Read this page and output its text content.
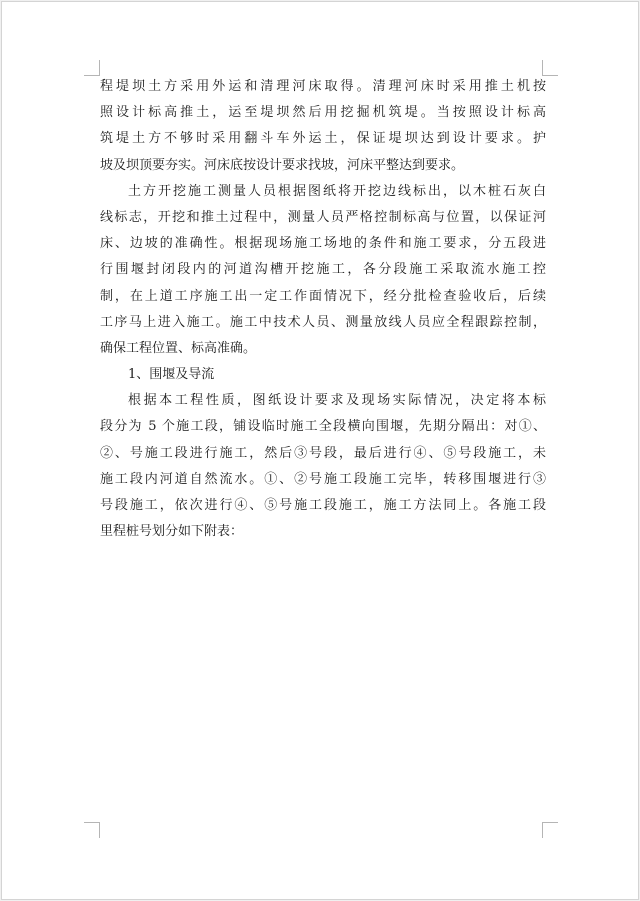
程堤坝土方采用外运和清理河床取得。清理河床时采用推土机按
照设计标高推土，运至堤坝然后用挖掘机筑堤。当按照设计标高
筑堤土方不够时采用翻斗车外运土，保证堤坝达到设计要求。护
坡及坝顶要夯实。河床底按设计要求找坡，河床平整达到要求。
土方开挖施工测量人员根据图纸将开挖边线标出，以木桩石灰白
线标志，开挖和推土过程中，测量人员严格控制标高与位置，以保证河
床、边坡的准确性。根据现场施工场地的条件和施工要求，分五段进
行围堰封闭段内的河道沟槽开挖施工，各分段施工采取流水施工控
制，在上道工序施工出一定工作面情况下，经分批检查验收后，后续
工序马上进入施工。施工中技术人员、测量放线人员应全程跟踪控制，
确保工程位置、标高准确。
1、围堰及导流
根据本工程性质，图纸设计要求及现场实际情况，决定将本标
段分为 5 个施工段，铺设临时施工全段横向围堰，先期分隔出：对①、
②、号施工段进行施工，然后③号段，最后进行④、⑤号段施工，未
施工段内河道自然流水。①、②号施工段施工完毕，转移围堰进行③
号段施工，依次进行④、⑤号施工段施工，施工方法同上。各施工段
里程桩号划分如下附表：
